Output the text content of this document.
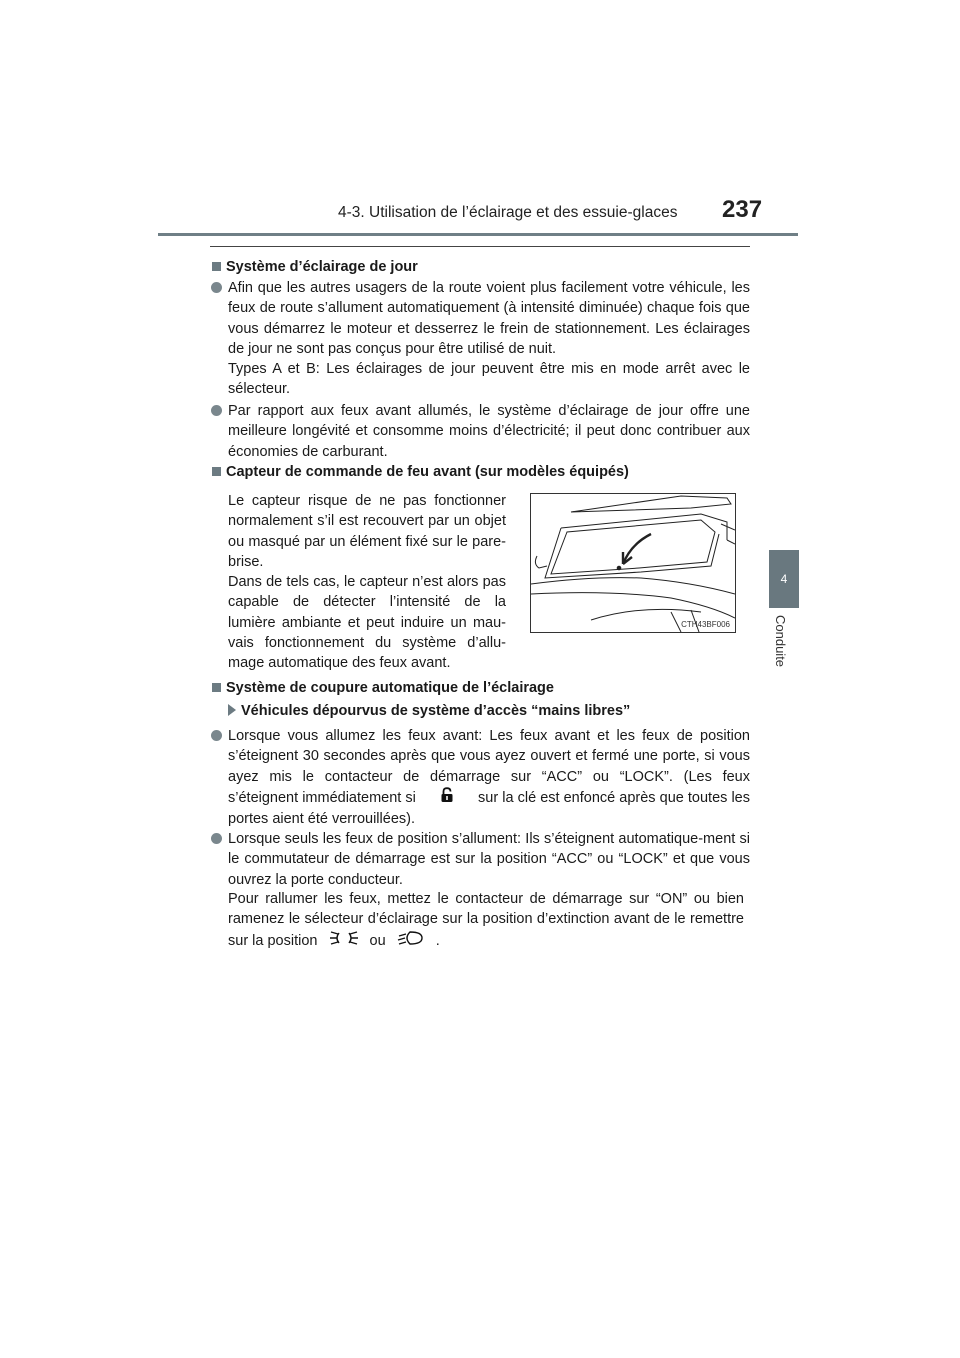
4-3. Utilisation de l’éclairage et des essuie-glaces 237
4
Conduite
Système d’éclairage de jour
Afin que les autres usagers de la route voient plus facilement votre véhicule, les feux de route s’allument automatiquement (à intensité diminuée) chaque fois que vous démarrez le moteur et desserrez le frein de stationnement. Les éclairages de jour ne sont pas conçus pour être utilisé de nuit.
Types A et B: Les éclairages de jour peuvent être mis en mode arrêt avec le sélecteur.
Par rapport aux feux avant allumés, le système d’éclairage de jour offre une meilleure longévité et consomme moins d’électricité; il peut donc contribuer aux économies de carburant.
Capteur de commande de feu avant (sur modèles équipés)
Le capteur risque de ne pas fonctionner normalement s’il est recouvert par un objet ou masqué par un élément fixé sur le pare-brise.
Dans de tels cas, le capteur n’est alors pas capable de détecter l’intensité de la lumière ambiante et peut induire un mau-vais fonctionnement du système d’allu-mage automatique des feux avant.
CTH43BF006
Système de coupure automatique de l’éclairage
Véhicules dépourvus de système d’accès “mains libres”
Lorsque vous allumez les feux avant: Les feux avant et les feux de position s’éteignent 30 secondes après que vous ayez ouvert et fermé une porte, si vous ayez mis le contacteur de démarrage sur “ACC” ou “LOCK”. (Les feux s’éteignent immédiatement si	sur la clé est enfoncé après que toutes les portes aient été verrouillées).
Lorsque seuls les feux de position s’allument: Ils s’éteignent automatique-ment si le commutateur de démarrage est sur la position “ACC” ou “LOCK” et que vous ouvrez la porte conducteur.
Pour rallumer les feux, mettez le contacteur de démarrage sur “ON” ou bien ramenez le sélecteur d’éclairage sur la position d’extinction avant de le remettre sur la position	ou	.
